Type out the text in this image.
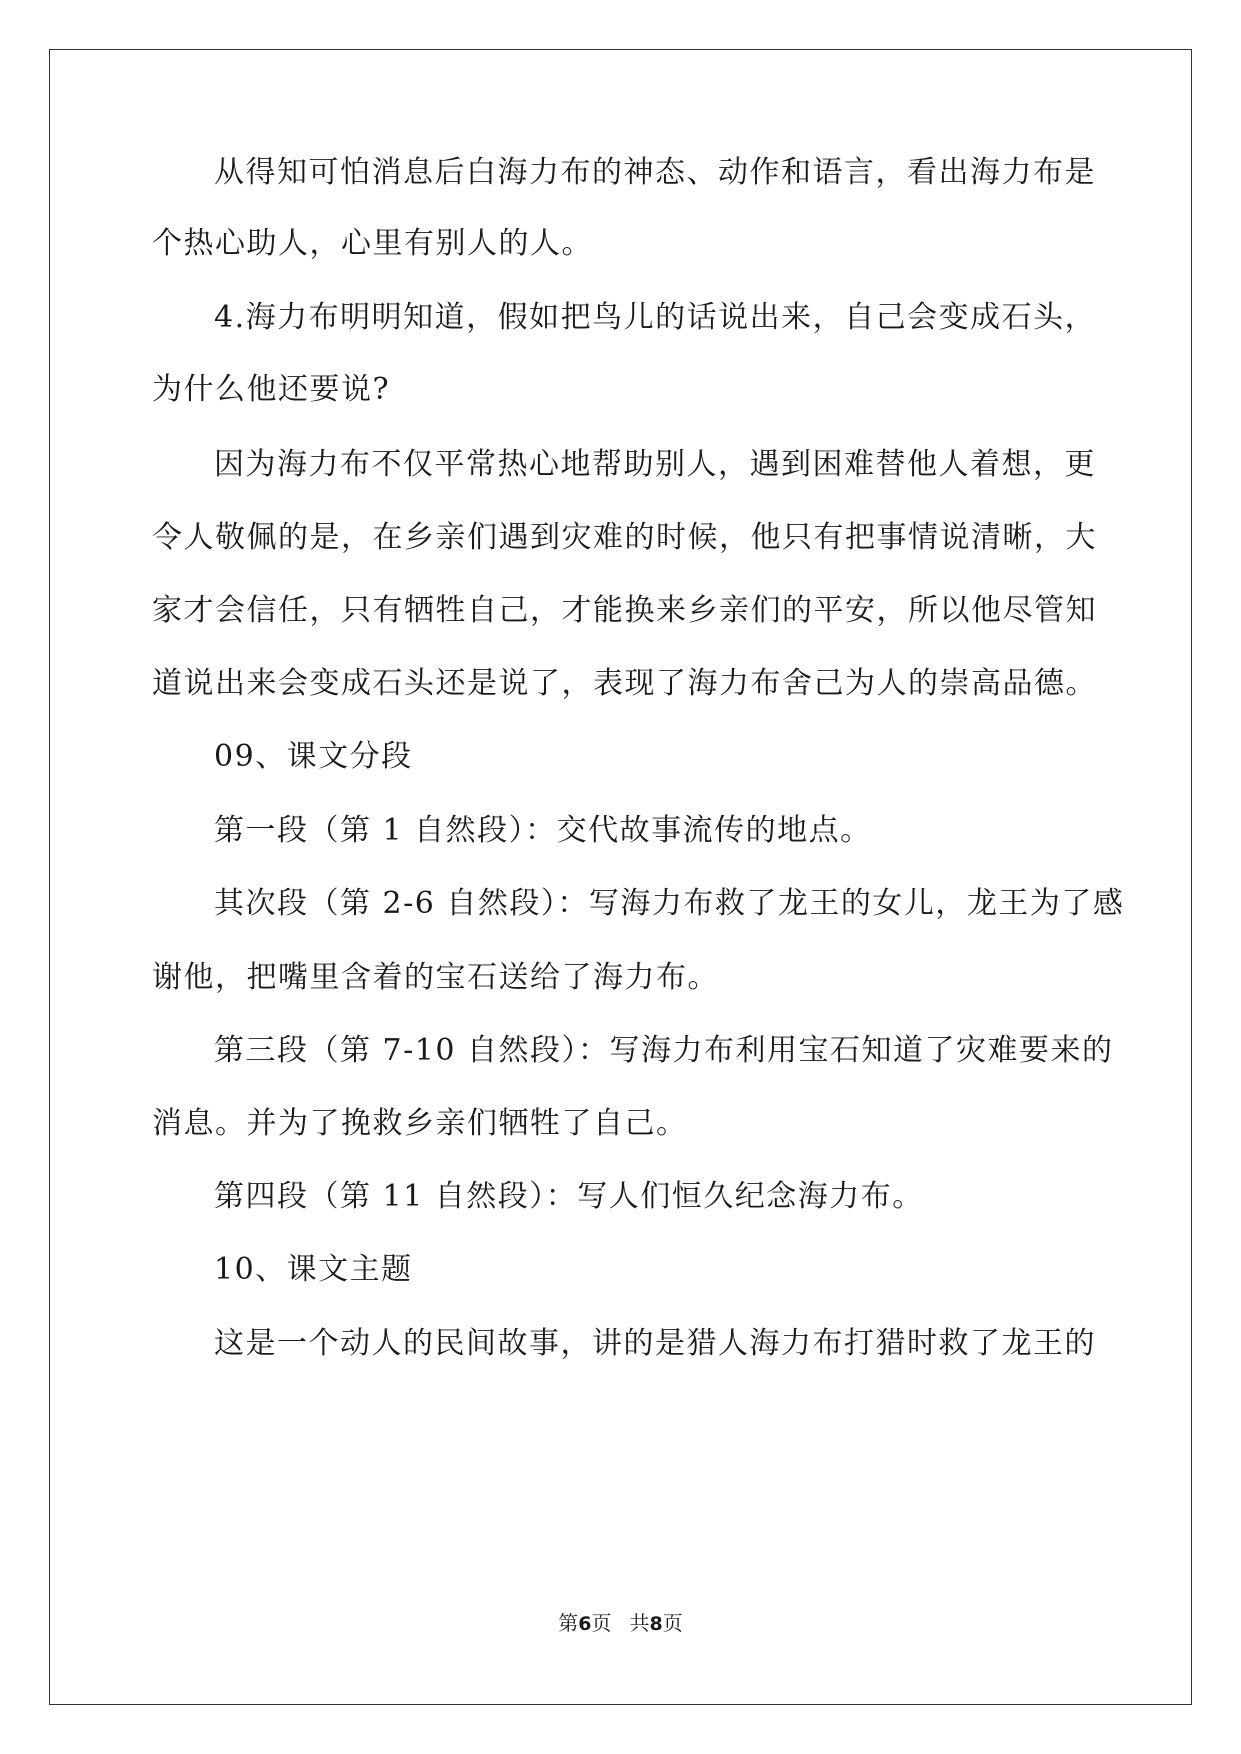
从得知可怕消息后白海力布的神态、动作和语言，看出海力布是
个热心助人，心里有别人的人。
4.海力布明明知道，假如把鸟儿的话说出来，自己会变成石头，
为什么他还要说?
因为海力布不仅平常热心地帮助别人，遇到困难替他人着想，更
令人敬佩的是，在乡亲们遇到灾难的时候，他只有把事情说清晰，大
家才会信任，只有牺牲自己，才能换来乡亲们的平安，所以他尽管知
道说出来会变成石头还是说了，表现了海力布舍己为人的崇高品德。
09、课文分段
第一段（第 1 自然段）：交代故事流传的地点。
其次段（第 2-6 自然段）：写海力布救了龙王的女儿，龙王为了感
谢他，把嘴里含着的宝石送给了海力布。
第三段（第 7-10 自然段）：写海力布利用宝石知道了灾难要来的
消息。并为了挽救乡亲们牺牲了自己。
第四段（第 11 自然段）：写人们恒久纪念海力布。
10、课文主题
这是一个动人的民间故事，讲的是猎人海力布打猎时救了龙王的
第6页 共8页
